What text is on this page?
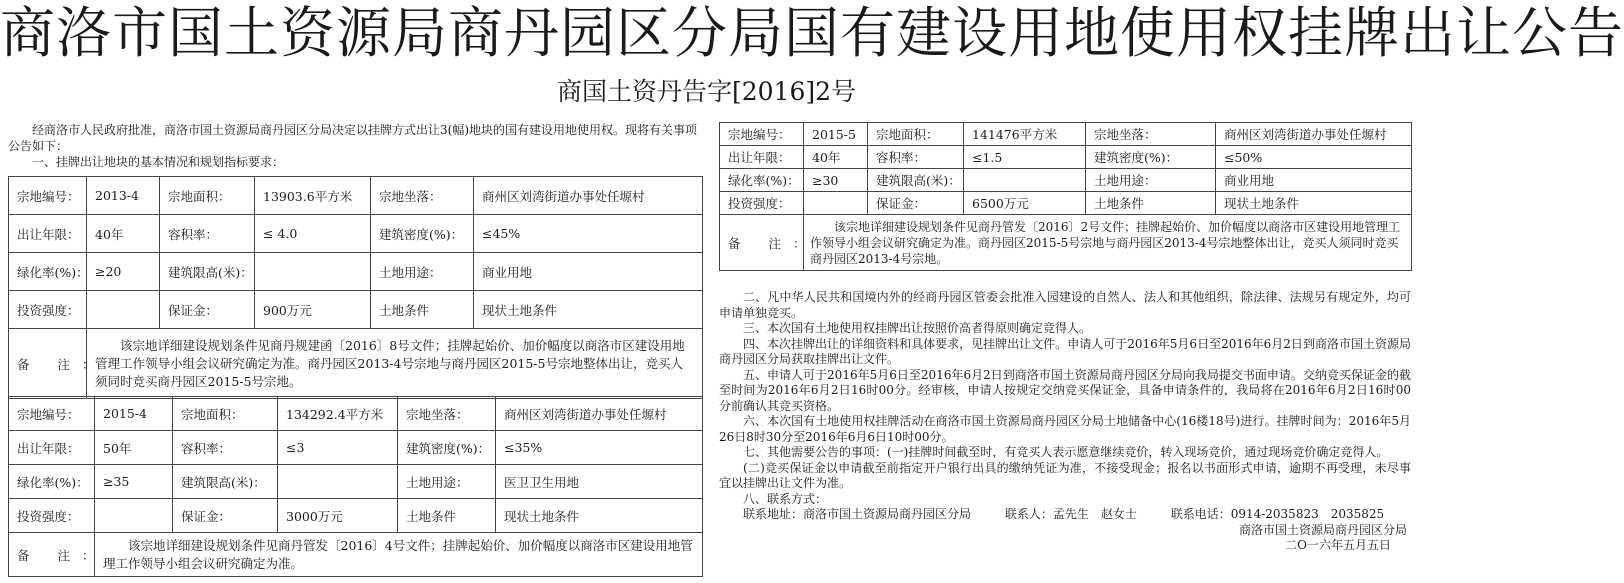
商洛市国土资源局商丹园区分局国有建设用地使用权挂牌出让公告
商国土资丹告字[2016]2号

经商洛市人民政府批准，商洛市国土资源局商丹园区分局决定以挂牌方式出让3(幅)地块的国有建设用地使用权。现将有关事项公告如下：

一、挂牌出让地块的基本情况和规划指标要求：

宗地编号：	2013-4	宗地面积：	13903.6平方米	宗地坐落：	商州区刘湾街道办事处任塬村
出让年限：	40年	容积率：	≤ 4.0	建筑密度(%)：	≤45%
绿化率(%)：	≥20	建筑限高(米)：		土地用途：	商业用地
投资强度：		保证金：	900万元	土地条件	现状土地条件
备 注：	该宗地详细建设规划条件见商丹规建函〔2016〕8号文件；挂牌起始价、加价幅度以商洛市区建设用地管理工作领导小组会议研究确定为准。商丹园区2013-4号宗地与商丹园区2015-5号宗地整体出让，竞买人须同时竞买商丹园区2015-5号宗地。				
宗地编号：	2015-4	宗地面积：	134292.4平方米	宗地坐落：	商州区刘湾街道办事处任塬村
出让年限：	50年	容积率：	≤3	建筑密度(%)：	≤35%
绿化率(%)：	≥35	建筑限高(米)：		土地用途：	医卫卫生用地
投资强度：		保证金：	3000万元	土地条件	现状土地条件
备 注：	该宗地详细建设规划条件见商丹管发〔2016〕4号文件；挂牌起始价、加价幅度以商洛市区建设用地管理工作领导小组会议研究确定为准。				
宗地编号：	2015-5	宗地面积：	141476平方米	宗地坐落：	商州区刘湾街道办事处任塬村
出让年限：	40年	容积率：	≤1.5	建筑密度(%)：	≤50%
绿化率(%)：	≥30	建筑限高(米)：		土地用途：	商业用地
投资强度：		保证金：	6500万元	土地条件	现状土地条件
备 注：	该宗地详细建设规划条件见商丹管发〔2016〕2号文件；挂牌起始价、加价幅度以商洛市区建设用地管理工作领导小组会议研究确定为准。商丹园区2015-5号宗地与商丹园区2013-4号宗地整体出让，竞买人须同时竞买商丹园区2013-4号宗地。				

二、凡中华人民共和国境内外的经商丹园区管委会批准入园建设的自然人、法人和其他组织，除法律、法规另有规定外，均可申请单独竞买。

三、本次国有土地使用权挂牌出让按照价高者得原则确定竞得人。

四、本次挂牌出让的详细资料和具体要求，见挂牌出让文件。申请人可于2016年5月6日至2016年6月2日到商洛市国土资源局商丹园区分局获取挂牌出让文件。

五、申请人可于2016年5月6日至2016年6月2日到商洛市国土资源局商丹园区分局向我局提交书面申请。交纳竞买保证金的截至时间为2016年6月2日16时00分。经审核，申请人按规定交纳竞买保证金，具备申请条件的，我局将在2016年6月2日16时00分前确认其竞买资格。

六、本次国有土地使用权挂牌活动在商洛市国土资源局商丹园区分局土地储备中心(16楼18号)进行。挂牌时间为：2016年5月26日8时30分至2016年6月6日10时00分。

七、其他需要公告的事项：(一)挂牌时间截至时，有竞买人表示愿意继续竞价，转入现场竞价，通过现场竞价确定竞得人。

(二)竞买保证金以申请截至前指定开户银行出具的缴纳凭证为准，不接受现金；报名以书面形式申请，逾期不再受理，未尽事宜以挂牌出让文件为准。

八、联系方式：

联系地址：商洛市国土资源局商丹园区分局	联系人：孟先生　赵女士	联系电话：0914-2035823　2035825

商洛市国土资源局商丹园区分局

二O一六年五月五日
